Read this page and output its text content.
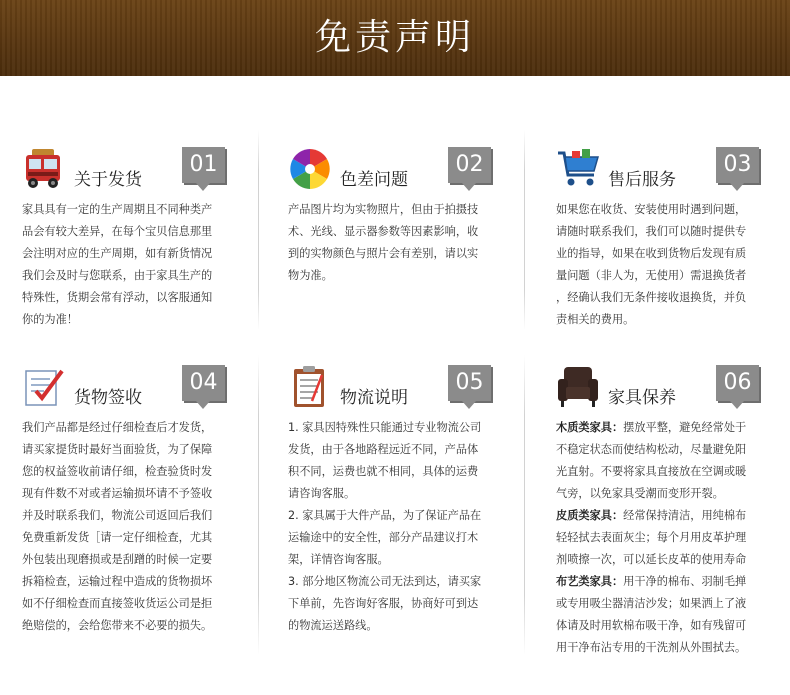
免责声明
关于发货
01
家具具有一定的生产周期且不同种类产
品会有较大差异，在每个宝贝信息那里
会注明对应的生产周期，如有新货情况
我们会及时与您联系，由于家具生产的
特殊性，货期会常有浮动，以客服通知
你的为准！
色差问题
02
产品图片均为实物照片，但由于拍摄技
术、光线、显示器参数等因素影响，收
到的实物颜色与照片会有差别，请以实
物为准。
售后服务
03
如果您在收货、安装使用时遇到问题，
请随时联系我们，我们可以随时提供专
业的指导，如果在收到货物后发现有质
量问题（非人为，无使用）需退换货者
，经确认我们无条件接收退换货，并负
责相关的费用。
货物签收
04
我们产品都是经过仔细检查后才发货，
请买家提货时最好当面验货，为了保障
您的权益签收前请仔细，检查验货时发
现有件数不对或者运输损坏请不予签收
并及时联系我们，物流公司返回后我们
免费重新发货［请一定仔细检查，尤其
外包装出现磨损或是刮蹭的时候一定要
拆箱检查，运输过程中造成的货物损坏
如不仔细检查而直接签收货运公司是拒
绝赔偿的，会给您带来不必要的损失。
物流说明
05
1. 家具因特殊性只能通过专业物流公司
发货，由于各地路程远近不同，产品体
积不同，运费也就不相同，具体的运费
请咨询客服。
2. 家具属于大件产品，为了保证产品在
运输途中的安全性，部分产品建议打木
架，详情咨询客服。
3. 部分地区物流公司无法到达，请买家
下单前，先咨询好客服，协商好可到达
的物流运送路线。
家具保养
06
木质类家具：摆放平整，避免经常处于
不稳定状态而使结构松动，尽量避免阳
光直射。不要将家具直接放在空调或暖
气旁，以免家具受潮而变形开裂。
皮质类家具：经常保持清洁，用纯棉布
轻轻拭去表面灰尘；每个月用皮革护理
剂喷擦一次，可以延长皮革的使用寿命
布艺类家具：用干净的棉布、羽制毛掸
或专用吸尘器清洁沙发；如果洒上了液
体请及时用软棉布吸干净，如有残留可
用干净布沾专用的干洗剂从外围拭去。
